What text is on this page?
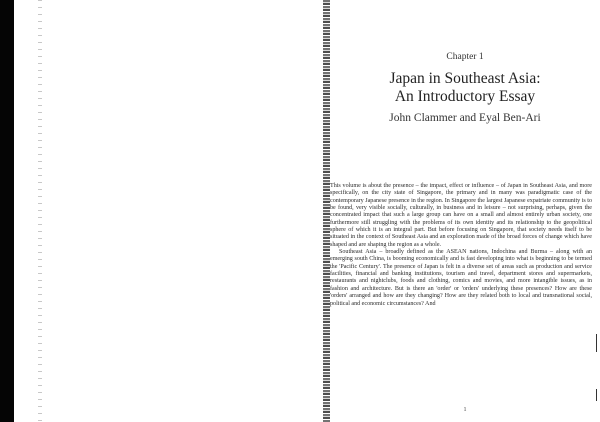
Chapter 1
Japan in Southeast Asia:
An Introductory Essay
John Clammer and Eyal Ben-Ari

This volume is about the presence – the impact, effect or influence – of Japan in Southeast Asia, and more specifically, on the city state of Singapore, the primary and in many was paradigmatic case of the contemporary Japanese presence in the region. In Singapore the largest Japanese expatriate community is to be found, very visible socially, culturally, in business and in leisure – not surprising, perhaps, given the concentrated impact that such a large group can have on a small and almost entirely urban society, one furthermore still struggling with the problems of its own identity and its relationship to the geopolitical sphere of which it is an integral part. But before focusing on Singapore, that society needs itself to be situated in the context of Southeast Asia and an exploration made of the broad forces of change which have shaped and are shaping the region as a whole.

Southeast Asia – broadly defined as the ASEAN nations, Indochina and Burma – along with an emerging south China, is booming economically and is fast developing into what is beginning to be termed the 'Pacific Century'. The presence of Japan is felt in a diverse set of areas such as production and service facilities, financial and banking institutions, tourism and travel, department stores and supermarkets, restaurants and nightclubs, foods and clothing, comics and movies, and more intangible issues, as in fashion and architecture. But is there an 'order' or 'orders' underlying these presences? How are these 'orders' arranged and how are they changing? How are they related both to local and transnational social, political and economic circumstances? And

1
